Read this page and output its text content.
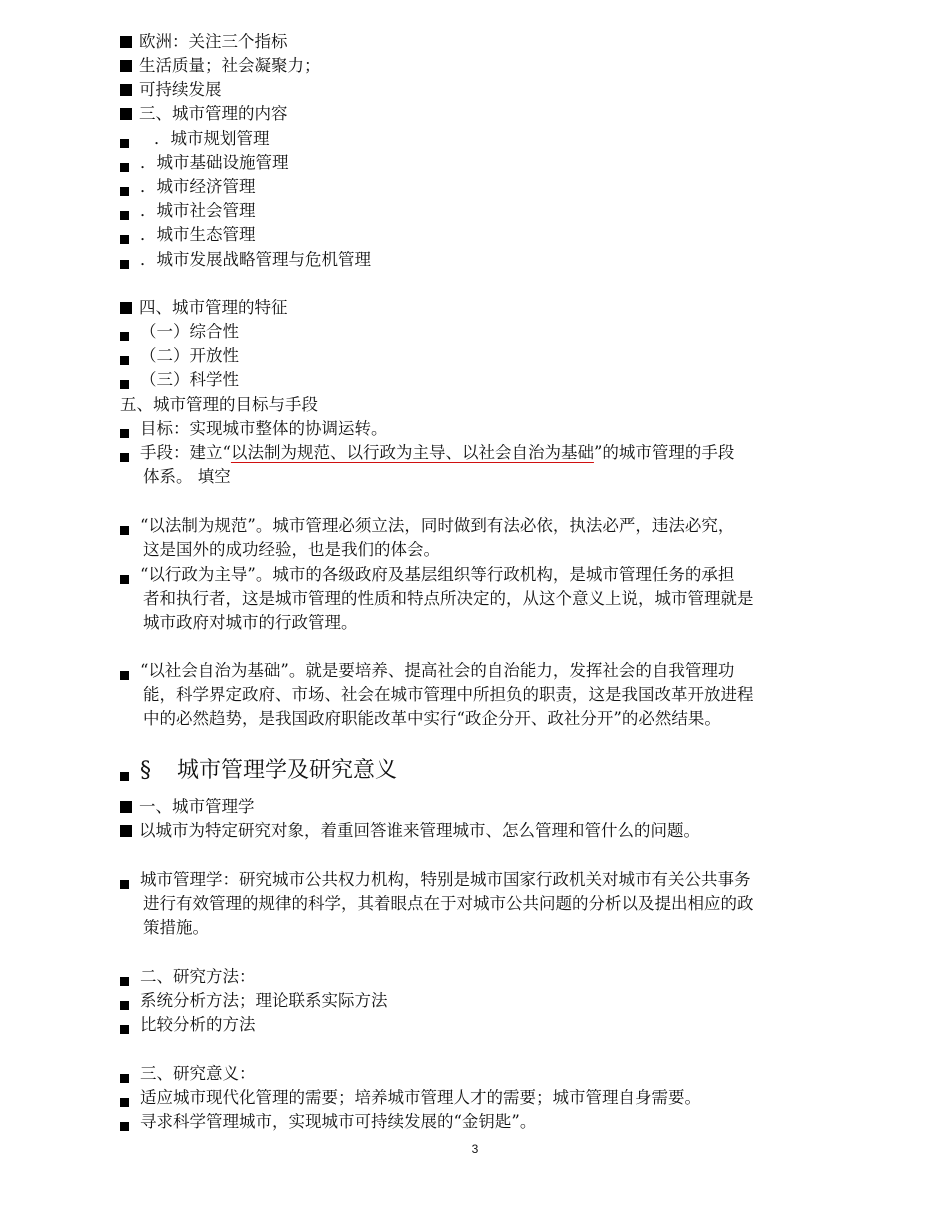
欧洲：关注三个指标
生活质量；社会凝聚力；
可持续发展
三、城市管理的内容
．城市规划管理
．城市基础设施管理
．城市经济管理
．城市社会管理
．城市生态管理
．城市发展战略管理与危机管理
四、城市管理的特征
（一）综合性
（二）开放性
（三）科学性
五、城市管理的目标与手段
目标：实现城市整体的协调运转。
手段：建立“以法制为规范、以行政为主导、以社会自治为基础”的城市管理的手段
体系。 填空
“以法制为规范”。城市管理必须立法，同时做到有法必依，执法必严，违法必究，
这是国外的成功经验，也是我们的体会。
“以行政为主导”。城市的各级政府及基层组织等行政机构，是城市管理任务的承担
者和执行者，这是城市管理的性质和特点所决定的，从这个意义上说，城市管理就是
城市政府对城市的行政管理。
“以社会自治为基础”。就是要培养、提高社会的自治能力，发挥社会的自我管理功
能，科学界定政府、市场、社会在城市管理中所担负的职责，这是我国改革开放进程
中的必然趋势，是我国政府职能改革中实行“政企分开、政社分开”的必然结果。
§ 城市管理学及研究意义
一、城市管理学
以城市为特定研究对象，着重回答谁来管理城市、怎么管理和管什么的问题。
城市管理学：研究城市公共权力机构，特别是城市国家行政机关对城市有关公共事务
进行有效管理的规律的科学，其着眼点在于对城市公共问题的分析以及提出相应的政
策措施。
二、研究方法：
系统分析方法；理论联系实际方法
比较分析的方法
三、研究意义：
适应城市现代化管理的需要；培养城市管理人才的需要；城市管理自身需要。
寻求科学管理城市，实现城市可持续发展的“金钥匙”。
3
